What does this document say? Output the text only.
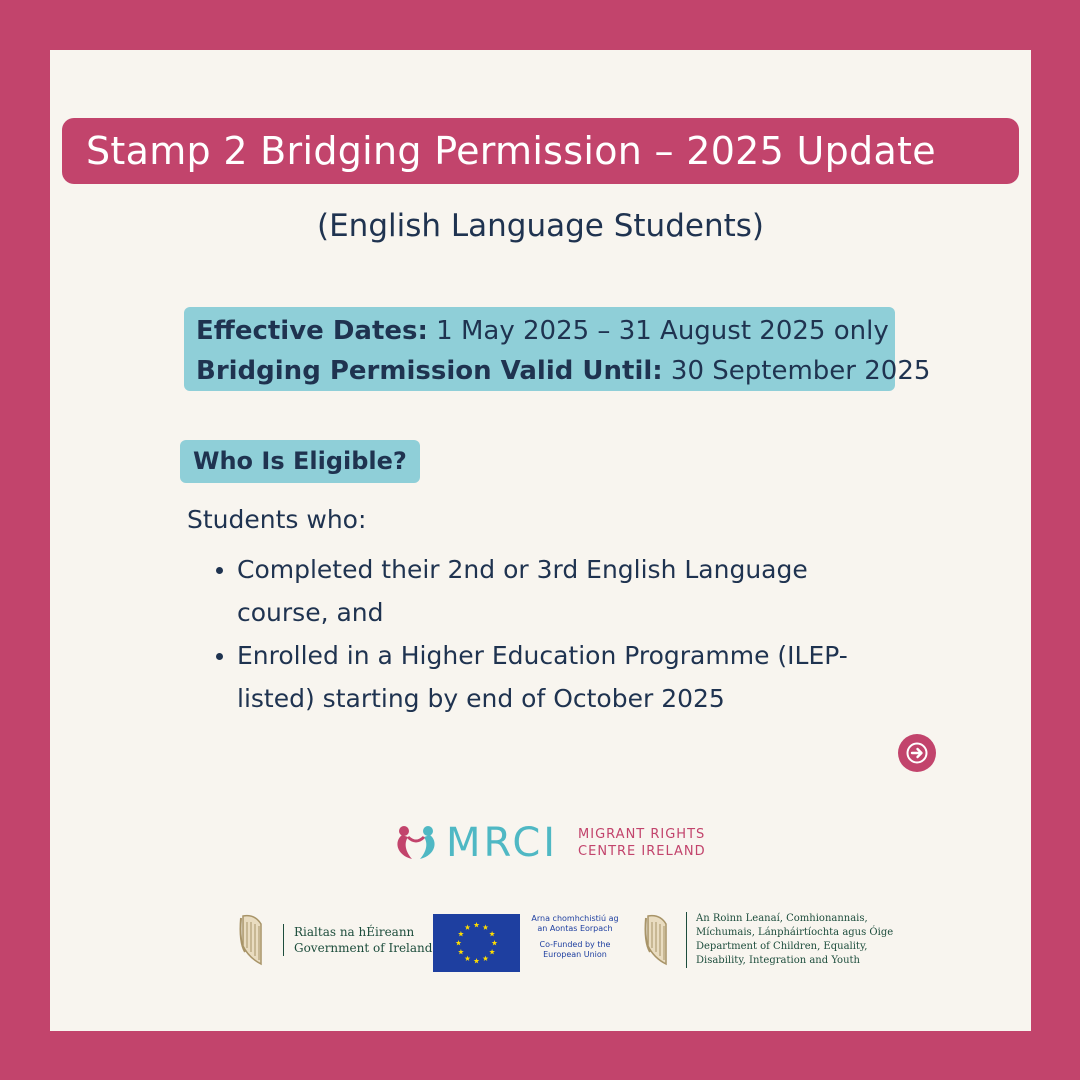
Stamp 2 Bridging Permission – 2025 Update
(English Language Students)
Effective Dates: 1 May 2025 – 31 August 2025 only
Bridging Permission Valid Until: 30 September 2025
Who Is Eligible?
Students who:
Completed their 2nd or 3rd English Language course, and
Enrolled in a Higher Education Programme (ILEP-listed) starting by end of October 2025
MRCI MIGRANT RIGHTS
CENTRE IRELAND
Rialtas na hÉireann
Government of Ireland
Arna chomhchistiú ag
an Aontas Eorpach
Co-Funded by the
European Union
An Roinn Leanaí, Comhionannais,
Míchumais, Lánpháirtíochta agus Óige
Department of Children, Equality,
Disability, Integration and Youth
